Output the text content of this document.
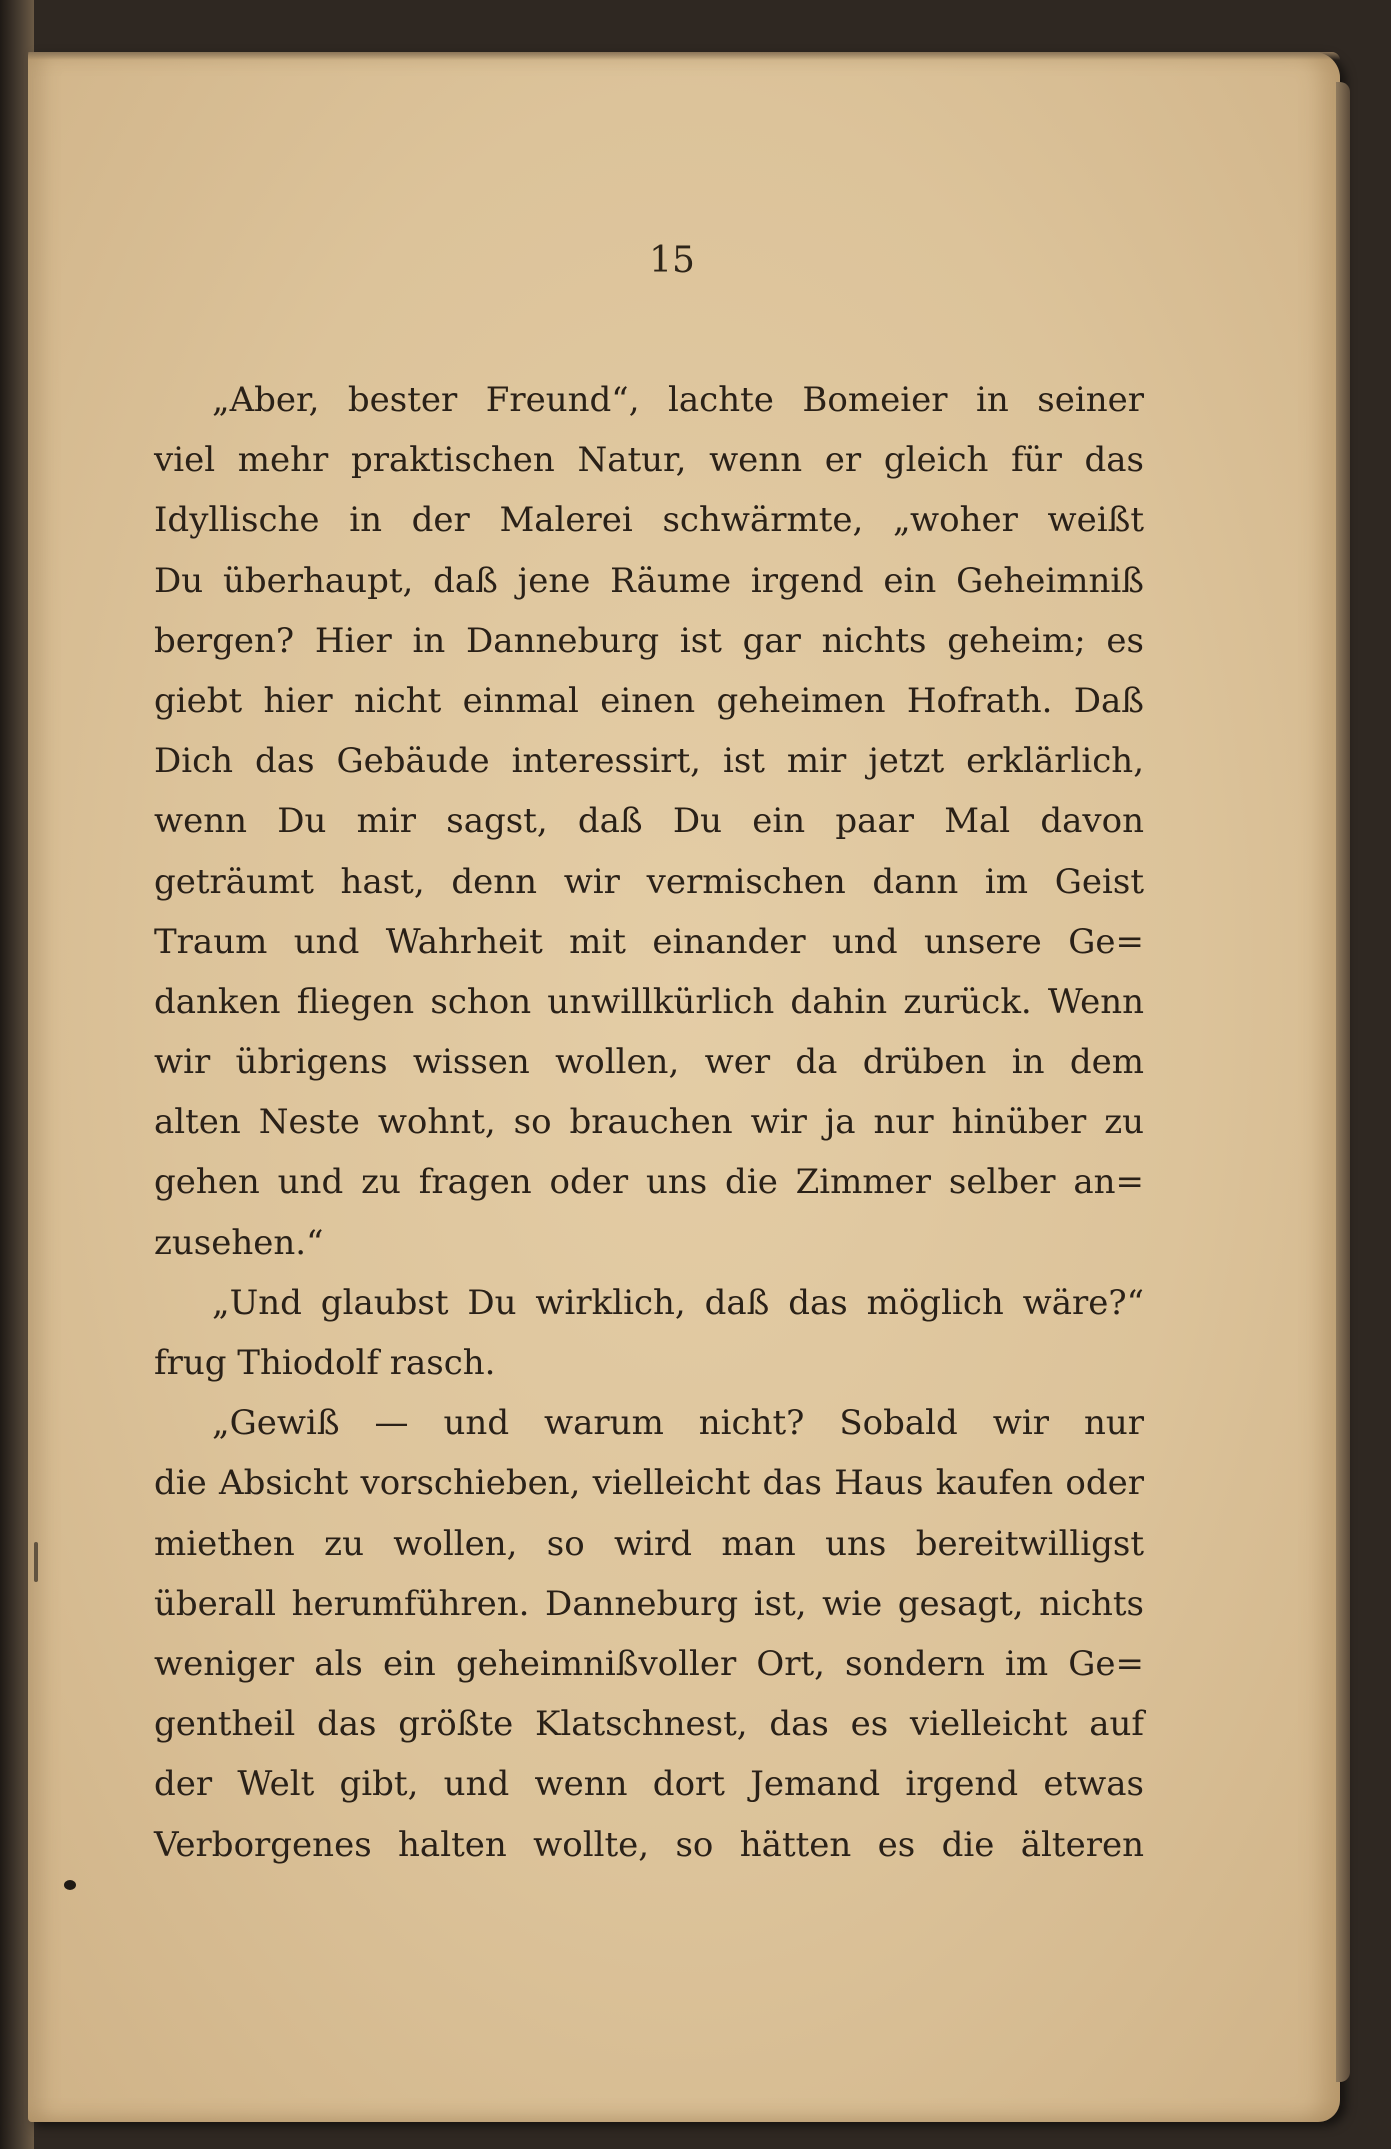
15
„Aber, bester Freund“, lachte Bomeier in seiner
viel mehr praktischen Natur, wenn er gleich für das
Idyllische in der Malerei schwärmte, „woher weißt
Du überhaupt, daß jene Räume irgend ein Geheimniß
bergen? Hier in Danneburg ist gar nichts geheim; es
giebt hier nicht einmal einen geheimen Hofrath. Daß
Dich das Gebäude interessirt, ist mir jetzt erklärlich,
wenn Du mir sagst, daß Du ein paar Mal davon
geträumt hast, denn wir vermischen dann im Geist
Traum und Wahrheit mit einander und unsere Ge=
danken fliegen schon unwillkürlich dahin zurück. Wenn
wir übrigens wissen wollen, wer da drüben in dem
alten Neste wohnt, so brauchen wir ja nur hinüber zu
gehen und zu fragen oder uns die Zimmer selber an=
zusehen.“
„Und glaubst Du wirklich, daß das möglich wäre?“
frug Thiodolf rasch.
„Gewiß — und warum nicht? Sobald wir nur
die Absicht vorschieben, vielleicht das Haus kaufen oder
miethen zu wollen, so wird man uns bereitwilligst
überall herumführen. Danneburg ist, wie gesagt, nichts
weniger als ein geheimnißvoller Ort, sondern im Ge=
gentheil das größte Klatschnest, das es vielleicht auf
der Welt gibt, und wenn dort Jemand irgend etwas
Verborgenes halten wollte, so hätten es die älteren
